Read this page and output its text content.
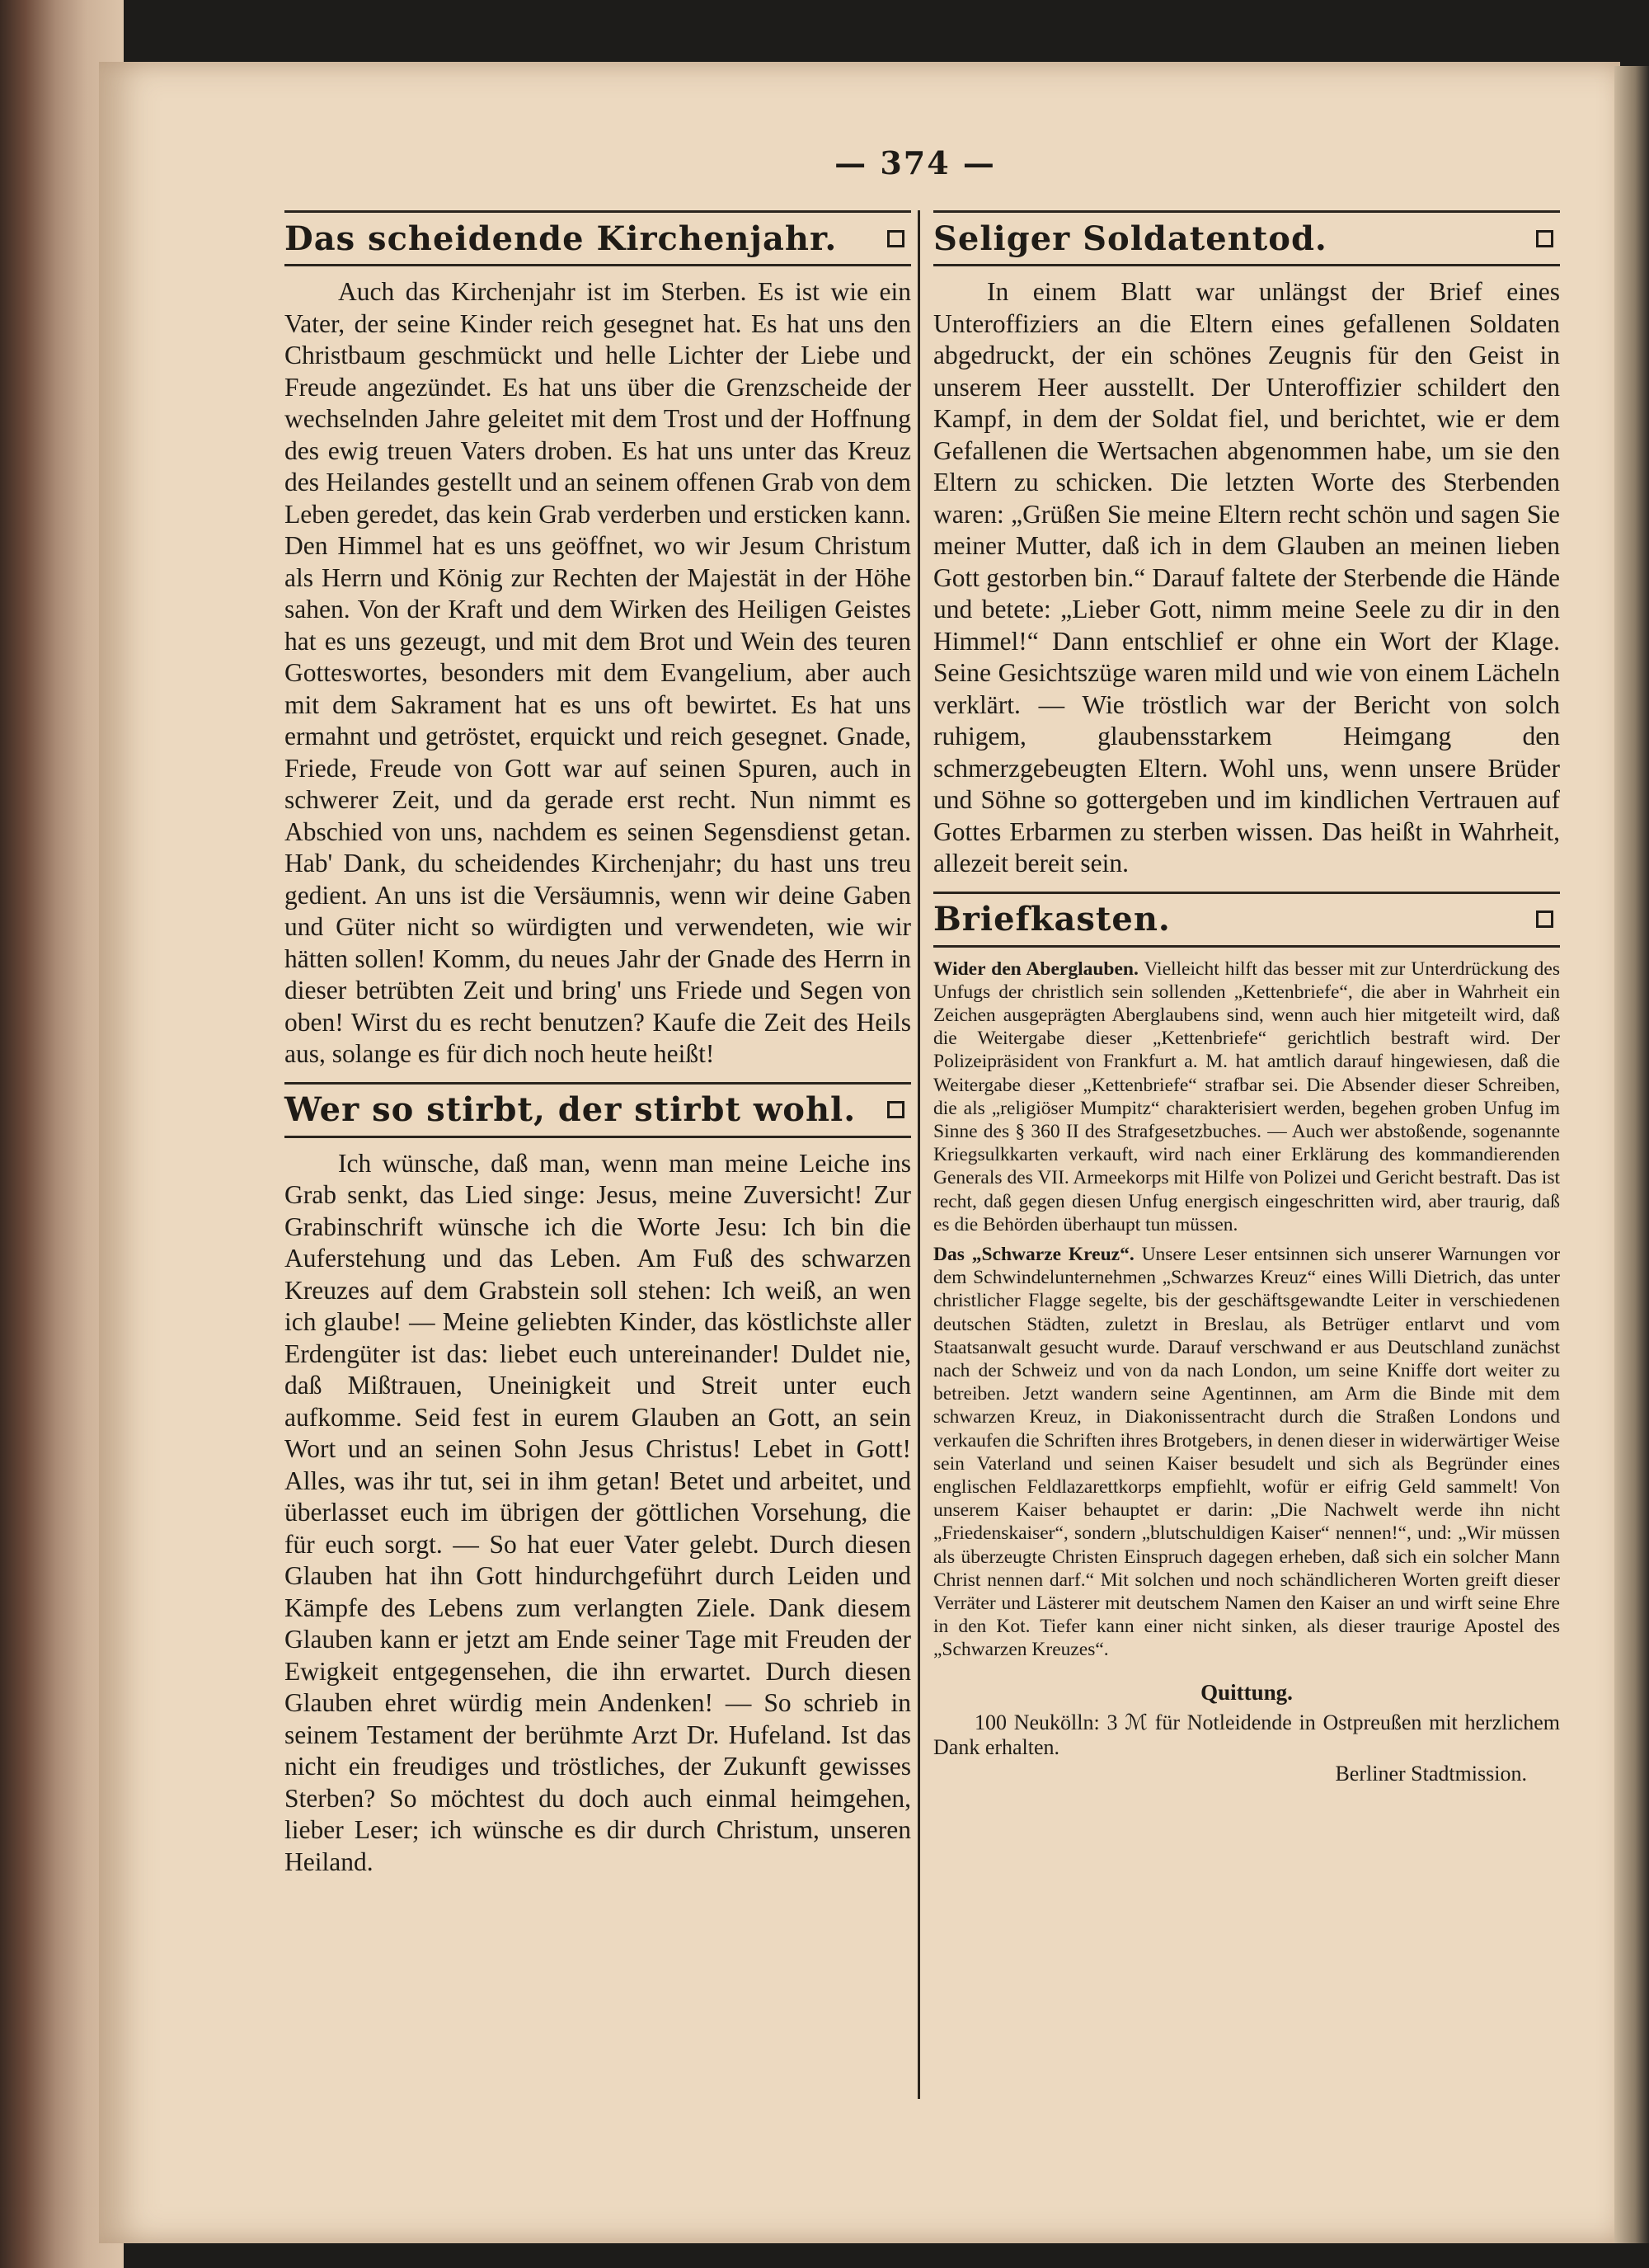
— 374 —
Das scheidende Kirchenjahr.

Auch das Kirchenjahr ist im Sterben. Es ist wie ein Vater, der seine Kinder reich gesegnet hat. Es hat uns den Christbaum geschmückt und helle Lichter der Liebe und Freude angezündet. Es hat uns über die Grenzscheide der wechselnden Jahre geleitet mit dem Trost und der Hoffnung des ewig treuen Vaters droben. Es hat uns unter das Kreuz des Heilandes gestellt und an seinem offenen Grab von dem Leben geredet, das kein Grab verderben und ersticken kann. Den Himmel hat es uns geöffnet, wo wir Jesum Christum als Herrn und König zur Rechten der Majestät in der Höhe sahen. Von der Kraft und dem Wirken des Heiligen Geistes hat es uns gezeugt, und mit dem Brot und Wein des teuren Gotteswortes, besonders mit dem Evangelium, aber auch mit dem Sakrament hat es uns oft bewirtet. Es hat uns ermahnt und getröstet, erquickt und reich gesegnet. Gnade, Friede, Freude von Gott war auf seinen Spuren, auch in schwerer Zeit, und da gerade erst recht. Nun nimmt es Abschied von uns, nachdem es seinen Segensdienst getan. Hab' Dank, du scheidendes Kirchenjahr; du hast uns treu gedient. An uns ist die Versäumnis, wenn wir deine Gaben und Güter nicht so würdigten und verwendeten, wie wir hätten sollen! Komm, du neues Jahr der Gnade des Herrn in dieser betrübten Zeit und bring' uns Friede und Segen von oben! Wirst du es recht benutzen? Kaufe die Zeit des Heils aus, solange es für dich noch heute heißt!

Wer so stirbt, der stirbt wohl.

Ich wünsche, daß man, wenn man meine Leiche ins Grab senkt, das Lied singe: Jesus, meine Zuversicht! Zur Grabinschrift wünsche ich die Worte Jesu: Ich bin die Auferstehung und das Leben. Am Fuß des schwarzen Kreuzes auf dem Grabstein soll stehen: Ich weiß, an wen ich glaube! — Meine geliebten Kinder, das köstlichste aller Erdengüter ist das: liebet euch untereinander! Duldet nie, daß Mißtrauen, Uneinigkeit und Streit unter euch aufkomme. Seid fest in eurem Glauben an Gott, an sein Wort und an seinen Sohn Jesus Christus! Lebet in Gott! Alles, was ihr tut, sei in ihm getan! Betet und arbeitet, und überlasset euch im übrigen der göttlichen Vorsehung, die für euch sorgt. — So hat euer Vater gelebt. Durch diesen Glauben hat ihn Gott hindurchgeführt durch Leiden und Kämpfe des Lebens zum verlangten Ziele. Dank diesem Glauben kann er jetzt am Ende seiner Tage mit Freuden der Ewigkeit entgegensehen, die ihn erwartet. Durch diesen Glauben ehret würdig mein Andenken! — So schrieb in seinem Testament der berühmte Arzt Dr. Hufeland. Ist das nicht ein freudiges und tröstliches, der Zukunft gewisses Sterben? So möchtest du doch auch einmal heimgehen, lieber Leser; ich wünsche es dir durch Christum, unseren Heiland.

Seliger Soldatentod.

In einem Blatt war unlängst der Brief eines Unteroffiziers an die Eltern eines gefallenen Soldaten abgedruckt, der ein schönes Zeugnis für den Geist in unserem Heer ausstellt. Der Unteroffizier schildert den Kampf, in dem der Soldat fiel, und berichtet, wie er dem Gefallenen die Wertsachen abgenommen habe, um sie den Eltern zu schicken. Die letzten Worte des Sterbenden waren: „Grüßen Sie meine Eltern recht schön und sagen Sie meiner Mutter, daß ich in dem Glauben an meinen lieben Gott gestorben bin.“ Darauf faltete der Sterbende die Hände und betete: „Lieber Gott, nimm meine Seele zu dir in den Himmel!“ Dann entschlief er ohne ein Wort der Klage. Seine Gesichtszüge waren mild und wie von einem Lächeln verklärt. — Wie tröstlich war der Bericht von solch ruhigem, glaubensstarkem Heimgang den schmerzgebeugten Eltern. Wohl uns, wenn unsere Brüder und Söhne so gottergeben und im kindlichen Vertrauen auf Gottes Erbarmen zu sterben wissen. Das heißt in Wahrheit, allezeit bereit sein.

Briefkasten.

Wider den Aberglauben. Vielleicht hilft das besser mit zur Unterdrückung des Unfugs der christlich sein sollenden „Kettenbriefe“, die aber in Wahrheit ein Zeichen ausgeprägten Aberglaubens sind, wenn auch hier mitgeteilt wird, daß die Weitergabe dieser „Kettenbriefe“ gerichtlich bestraft wird. Der Polizeipräsident von Frankfurt a. M. hat amtlich darauf hingewiesen, daß die Weitergabe dieser „Kettenbriefe“ strafbar sei. Die Absender dieser Schreiben, die als „religiöser Mumpitz“ charakterisiert werden, begehen groben Unfug im Sinne des § 360 II des Strafgesetzbuches. — Auch wer abstoßende, sogenannte Kriegsulkkarten verkauft, wird nach einer Erklärung des kommandierenden Generals des VII. Armeekorps mit Hilfe von Polizei und Gericht bestraft. Das ist recht, daß gegen diesen Unfug energisch eingeschritten wird, aber traurig, daß es die Behörden überhaupt tun müssen.

Das „Schwarze Kreuz“. Unsere Leser entsinnen sich unserer Warnungen vor dem Schwindelunternehmen „Schwarzes Kreuz“ eines Willi Dietrich, das unter christlicher Flagge segelte, bis der geschäftsgewandte Leiter in verschiedenen deutschen Städten, zuletzt in Breslau, als Betrüger entlarvt und vom Staatsanwalt gesucht wurde. Darauf verschwand er aus Deutschland zunächst nach der Schweiz und von da nach London, um seine Kniffe dort weiter zu betreiben. Jetzt wandern seine Agentinnen, am Arm die Binde mit dem schwarzen Kreuz, in Diakonissentracht durch die Straßen Londons und verkaufen die Schriften ihres Brotgebers, in denen dieser in widerwärtiger Weise sein Vaterland und seinen Kaiser besudelt und sich als Begründer eines englischen Feldlazarettkorps empfiehlt, wofür er eifrig Geld sammelt! Von unserem Kaiser behauptet er darin: „Die Nachwelt werde ihn nicht „Friedenskaiser“, sondern „blutschuldigen Kaiser“ nennen!“, und: „Wir müssen als überzeugte Christen Einspruch dagegen erheben, daß sich ein solcher Mann Christ nennen darf.“ Mit solchen und noch schändlicheren Worten greift dieser Verräter und Lästerer mit deutschem Namen den Kaiser an und wirft seine Ehre in den Kot. Tiefer kann einer nicht sinken, als dieser traurige Apostel des „Schwarzen Kreuzes“.

Quittung.

100 Neukölln: 3 ℳ für Notleidende in Ostpreußen mit herzlichem Dank erhalten.

Berliner Stadtmission.
